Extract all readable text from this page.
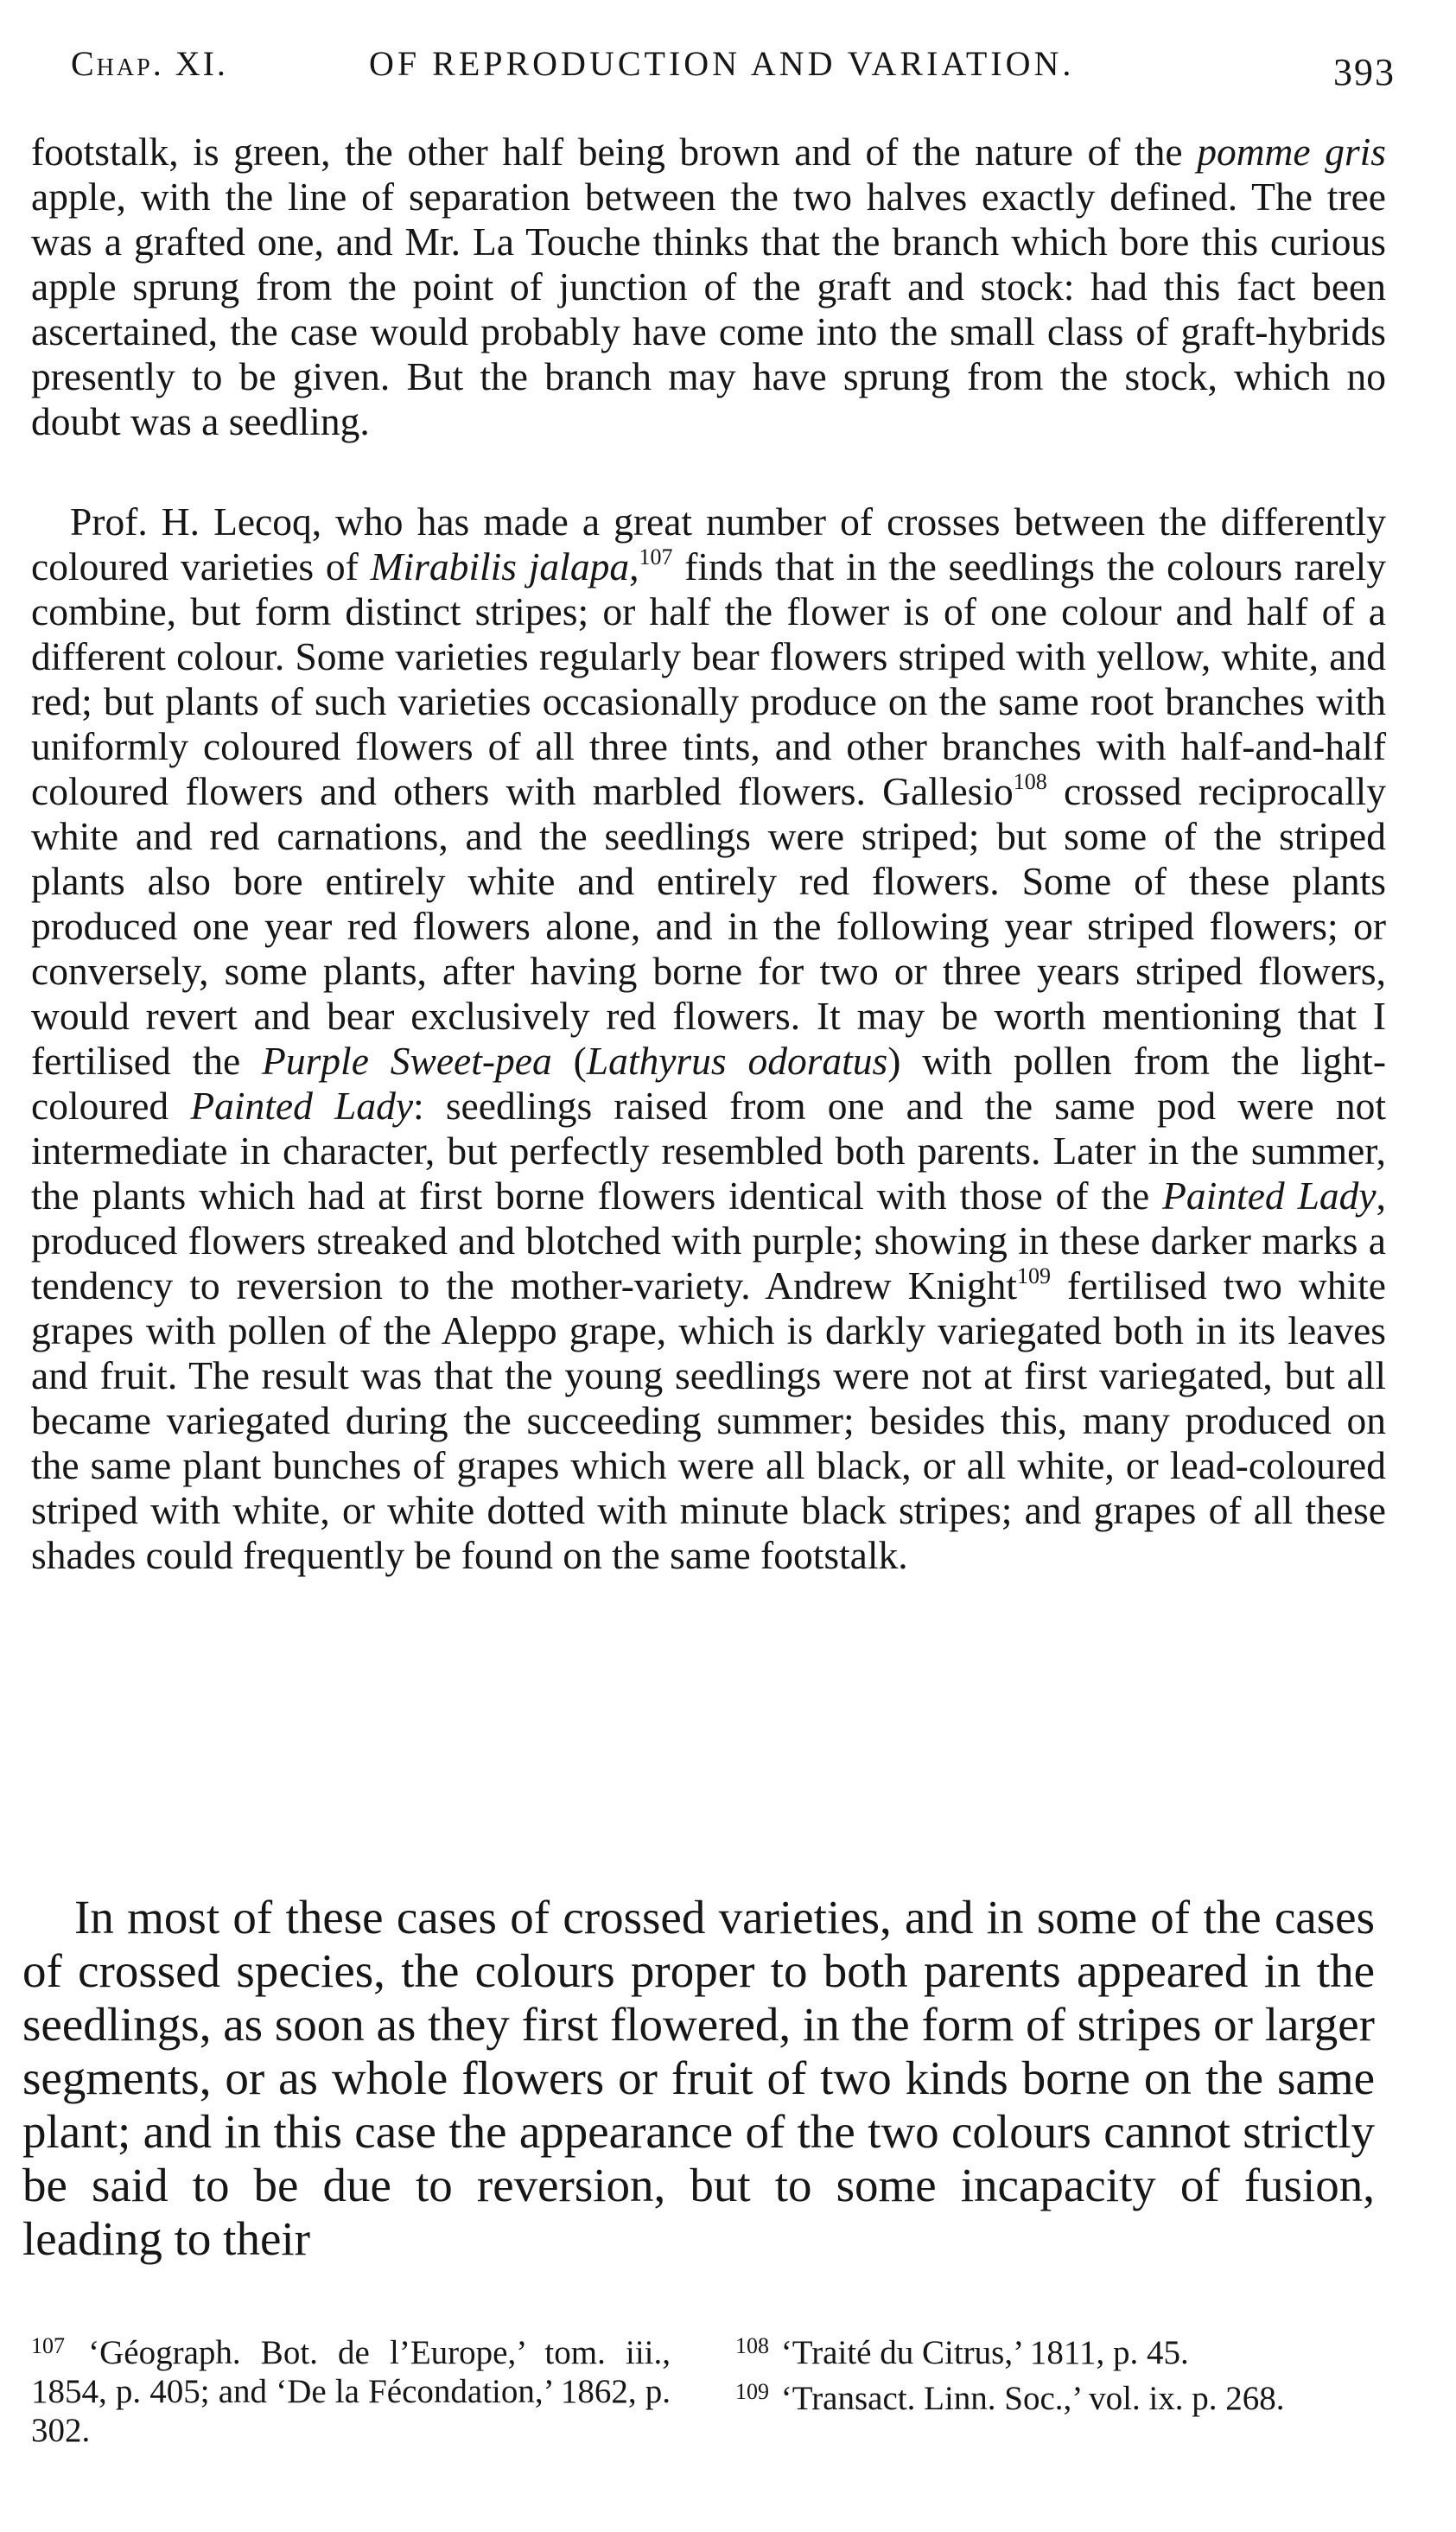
Chap. XI.	OF REPRODUCTION AND VARIATION.	393

footstalk, is green, the other half being brown and of the nature of the pomme gris apple, with the line of separation between the two halves exactly defined. The tree was a grafted one, and Mr. La Touche thinks that the branch which bore this curious apple sprung from the point of junction of the graft and stock: had this fact been ascertained, the case would probably have come into the small class of graft-hybrids presently to be given. But the branch may have sprung from the stock, which no doubt was a seedling.

Prof. H. Lecoq, who has made a great number of crosses between the differently coloured varieties of Mirabilis jalapa,$^{107}$ finds that in the seedlings the colours rarely combine, but form distinct stripes; or half the flower is of one colour and half of a different colour. Some varieties regularly bear flowers striped with yellow, white, and red; but plants of such varieties occasionally produce on the same root branches with uniformly coloured flowers of all three tints, and other branches with half-and-half coloured flowers and others with marbled flowers. Gallesio$^{108}$ crossed reciprocally white and red carnations, and the seedlings were striped; but some of the striped plants also bore entirely white and entirely red flowers. Some of these plants produced one year red flowers alone, and in the following year striped flowers; or conversely, some plants, after having borne for two or three years striped flowers, would revert and bear exclusively red flowers. It may be worth mentioning that I fertilised the Purple Sweet-pea (Lathyrus odoratus) with pollen from the light-coloured Painted Lady: seedlings raised from one and the same pod were not intermediate in character, but perfectly resembled both parents. Later in the summer, the plants which had at first borne flowers identical with those of the Painted Lady, produced flowers streaked and blotched with purple; showing in these darker marks a tendency to reversion to the mother-variety. Andrew Knight$^{109}$ fertilised two white grapes with pollen of the Aleppo grape, which is darkly variegated both in its leaves and fruit. The result was that the young seedlings were not at first variegated, but all became variegated during the succeeding summer; besides this, many produced on the same plant bunches of grapes which were all black, or all white, or lead-coloured striped with white, or white dotted with minute black stripes; and grapes of all these shades could frequently be found on the same footstalk.

In most of these cases of crossed varieties, and in some of the cases of crossed species, the colours proper to both parents appeared in the seedlings, as soon as they first flowered, in the form of stripes or larger segments, or as whole flowers or fruit of two kinds borne on the same plant; and in this case the appearance of the two colours cannot strictly be said to be due to reversion, but to some incapacity of fusion, leading to their

$^{107}$ ‘Géograph. Bot. de l’Europe,’ tom. iii., 1854, p. 405; and ‘De la Fécondation,’ 1862, p. 302.

$^{108}$ ‘Traité du Citrus,’ 1811, p. 45.

$^{109}$ ‘Transact. Linn. Soc.,’ vol. ix. p. 268.
